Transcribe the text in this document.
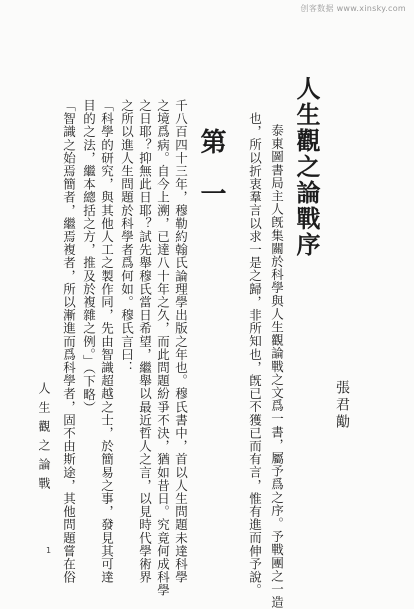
创客数据 www.xinsky.com
人生觀之論戰序
張君勱
泰東圖書局主人旣集關於科學與人生觀論戰之文爲一書，屬予爲之序。予戰團之一造
也，所以折衷羣言以求一是之歸，非所知也，旣已不獲已而有言，惟有進而伸予說。
第一
千八百四十三年，穆勒約翰氏論理學出版之年也。穆氏書中，首以人生問題未達科學
之境爲病。自今上溯，已達八十年之久，而此問題紛爭不決，猶如昔日。究竟何成科學
之日耶？抑無此日耶？試先舉穆氏當日希望，繼舉以最近哲人之言，以見時代學術界
之所以進人生問題於科學者爲何如。穆氏言曰：
「科學的研究，與其他人工之製作同，先由智識超越之士，於簡易之事，發見其可達
目的之法，繼本總括之方，推及於複雜之例。」（下略）
「智識之始焉簡者，繼焉複者，所以漸進而爲科學者，固不由斯途，其他問題嘗在俗
人生觀之論戰
1
